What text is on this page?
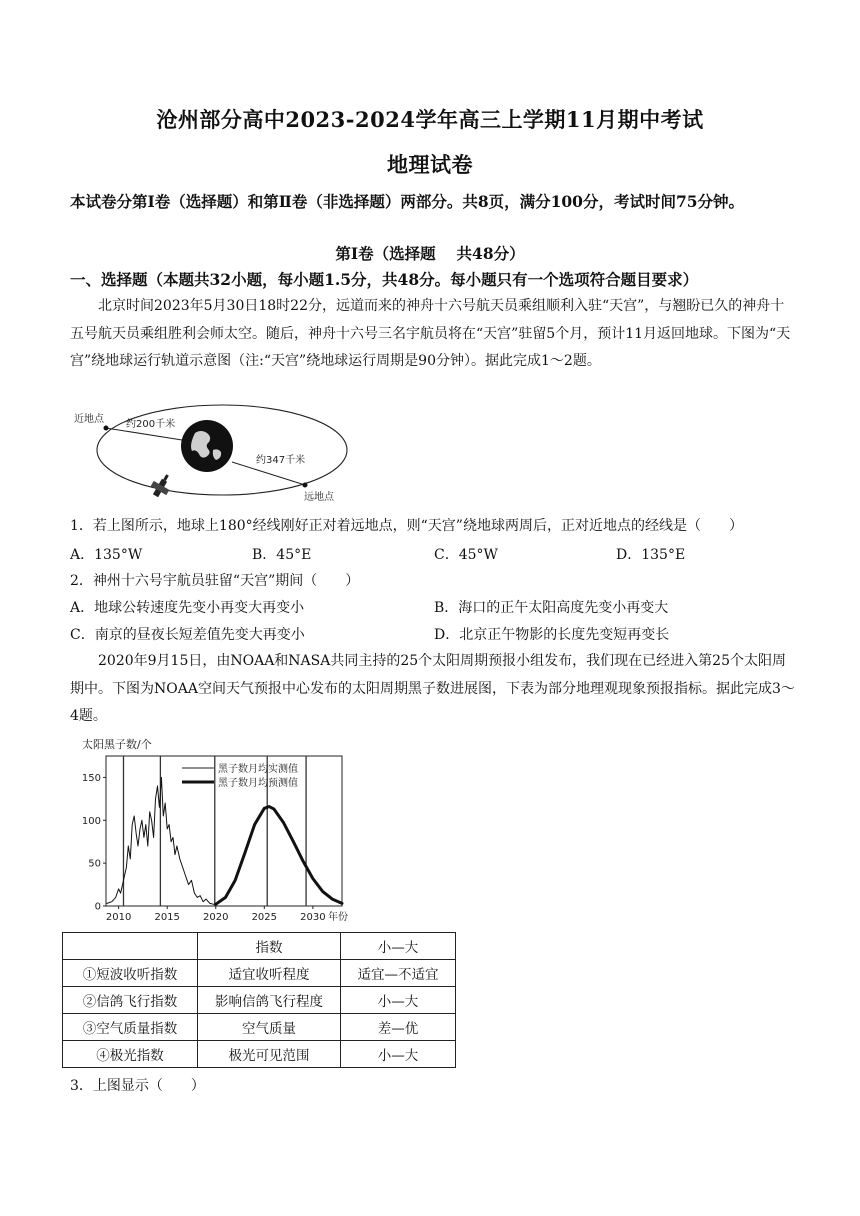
沧州部分高中2023-2024学年高三上学期11月期中考试
地理试卷
本试卷分第Ⅰ卷（选择题）和第Ⅱ卷（非选择题）两部分。共8页，满分100分，考试时间75分钟。
第Ⅰ卷（选择题　 共48分）
一、选择题（本题共32小题，每小题1.5分，共48分。每小题只有一个选项符合题目要求）
北京时间2023年5月30日18时22分，远道而来的神舟十六号航天员乘组顺利入驻“天宫”，与翘盼已久的神舟十五号航天员乘组胜利会师太空。随后，神舟十六号三名宇航员将在“天宫”驻留5个月，预计11月返回地球。下图为“天宫”绕地球运行轨道示意图（注:“天宫”绕地球运行周期是90分钟）。据此完成1～2题。
近地点
远地点
约200千米
约347千米
1．若上图所示，地球上180°经线刚好正对着远地点，则“天宫”绕地球两周后，正对近地点的经线是（　　）
A．135°W	B．45°E	C．45°W	D．135°E
2．神州十六号宇航员驻留“天宫”期间（　　）
A．地球公转速度先变小再变大再变小	B．海口的正午太阳高度先变小再变大
C．南京的昼夜长短差值先变大再变小	D．北京正午物影的长度先变短再变长
2020年9月15日，由NOAA和NASA共同主持的25个太阳周期预报小组发布，我们现在已经进入第25个太阳周期中。下图为NOAA空间天气预报中心发布的太阳周期黑子数进展图，下表为部分地理观现象预报指标。据此完成3～4题。
太阳黑子数/个
0
50
100
150
2010 2015 2020 2025 2030
黑子数月均实测值
黑子数月均预测值
年份
	指数	小—大
①短波收听指数	适宜收听程度	适宜—不适宜
②信鸽飞行指数	影响信鸽飞行程度	小—大
③空气质量指数	空气质量	差—优
④极光指数	极光可见范围	小—大
3．上图显示（　　）
